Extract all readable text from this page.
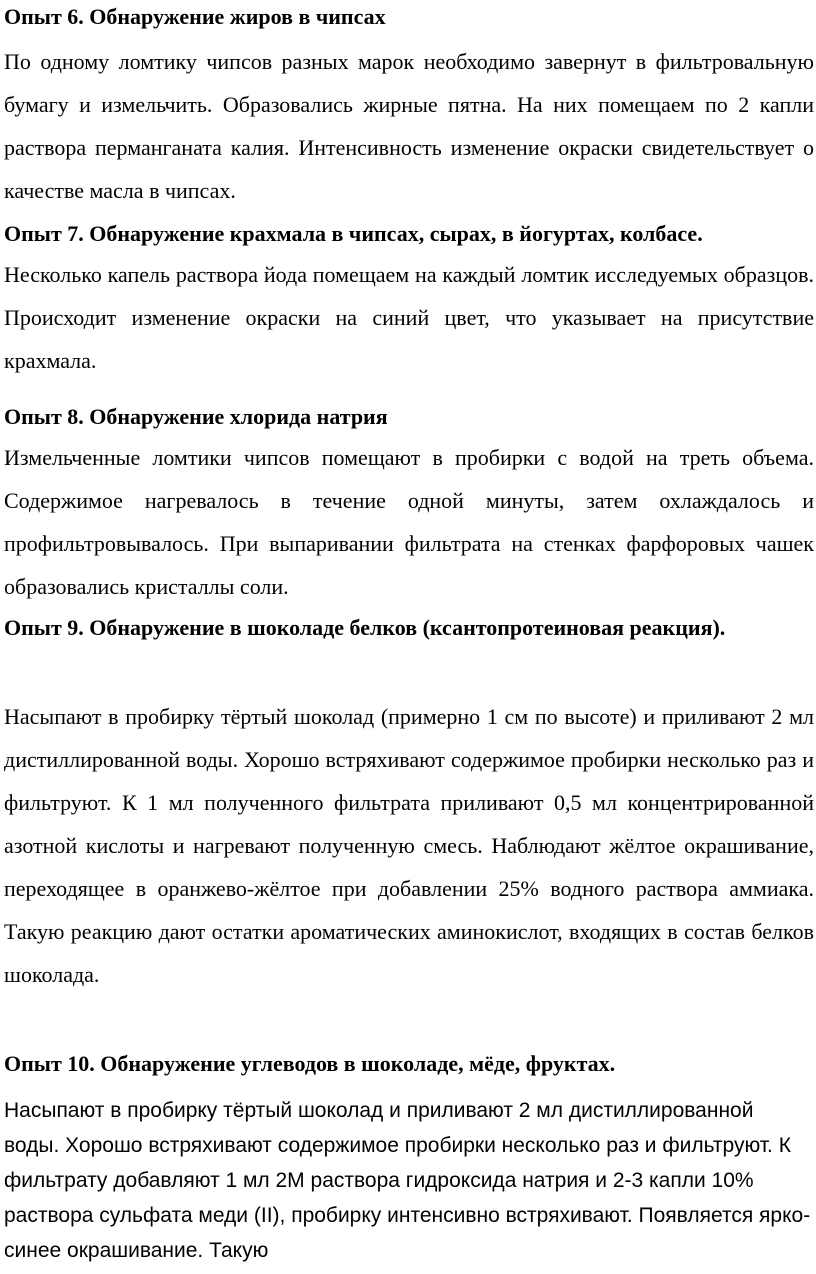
Опыт 6. Обнаружение жиров в чипсах

По одному ломтику чипсов разных марок необходимо завернут в фильтровальную бумагу и измельчить. Образовались жирные пятна. На них помещаем по 2 капли раствора перманганата калия. Интенсивность изменение окраски свидетельствует о качестве масла в чипсах.

Опыт 7. Обнаружение крахмала в чипсах, сырах, в йогуртах, колбасе.

Несколько капель раствора йода помещаем на каждый ломтик исследуемых образцов. Происходит изменение окраски на синий цвет, что указывает на присутствие крахмала.

Опыт 8. Обнаружение хлорида натрия

Измельченные ломтики чипсов помещают в пробирки с водой на треть объема. Содержимое нагревалось в течение одной минуты, затем охлаждалось и профильтровывалось. При выпаривании фильтрата на стенках фарфоровых чашек образовались кристаллы соли.

Опыт 9. Обнаружение в шоколаде белков (ксантопротеиновая реакция).

Насыпают в пробирку тёртый шоколад (примерно 1 см по высоте) и приливают 2 мл дистиллированной воды. Хорошо встряхивают содержимое пробирки несколько раз и фильтруют. К 1 мл полученного фильтрата приливают 0,5 мл концентрированной азотной кислоты и нагревают полученную смесь. Наблюдают жёлтое окрашивание, переходящее в оранжево-жёлтое при добавлении 25% водного раствора аммиака. Такую реакцию дают остатки ароматических аминокислот, входящих в состав белков шоколада.

Опыт 10. Обнаружение углеводов в шоколаде, мёде, фруктах.

Насыпают в пробирку тёртый шоколад и приливают 2 мл дистиллированной воды. Хорошо встряхивают содержимое пробирки несколько раз и фильтруют. К фильтрату добавляют 1 мл 2М раствора гидроксида натрия и 2-3 капли 10% раствора сульфата меди (II), пробирку интенсивно встряхивают. Появляется ярко-синее окрашивание. Такую
